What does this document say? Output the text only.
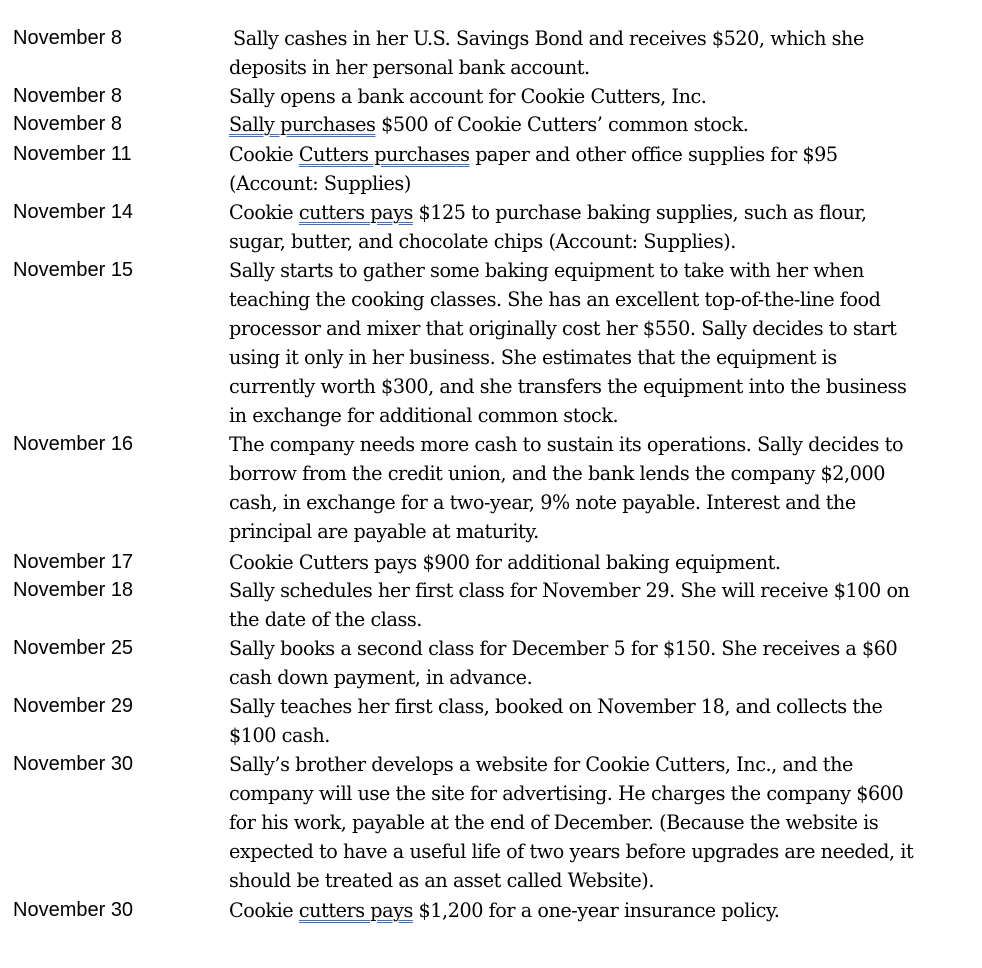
November 8	Sally cashes in her U.S. Savings Bond and receives $520, which she
deposits in her personal bank account.
November 8	Sally opens a bank account for Cookie Cutters, Inc.
November 8	Sally purchases $500 of Cookie Cutters’ common stock.
November 11	Cookie Cutters purchases paper and other office supplies for $95
(Account: Supplies)
November 14	Cookie cutters pays $125 to purchase baking supplies, such as flour,
sugar, butter, and chocolate chips (Account: Supplies).
November 15	Sally starts to gather some baking equipment to take with her when
teaching the cooking classes. She has an excellent top-of-the-line food
processor and mixer that originally cost her $550. Sally decides to start
using it only in her business. She estimates that the equipment is
currently worth $300, and she transfers the equipment into the business
in exchange for additional common stock.
November 16	The company needs more cash to sustain its operations. Sally decides to
borrow from the credit union, and the bank lends the company $2,000
cash, in exchange for a two-year, 9% note payable. Interest and the
principal are payable at maturity.
November 17	Cookie Cutters pays $900 for additional baking equipment.
November 18	Sally schedules her first class for November 29. She will receive $100 on
the date of the class.
November 25	Sally books a second class for December 5 for $150. She receives a $60
cash down payment, in advance.
November 29	Sally teaches her first class, booked on November 18, and collects the
$100 cash.
November 30	Sally’s brother develops a website for Cookie Cutters, Inc., and the
company will use the site for advertising. He charges the company $600
for his work, payable at the end of December. (Because the website is
expected to have a useful life of two years before upgrades are needed, it
should be treated as an asset called Website).
November 30	Cookie cutters pays $1,200 for a one-year insurance policy.
